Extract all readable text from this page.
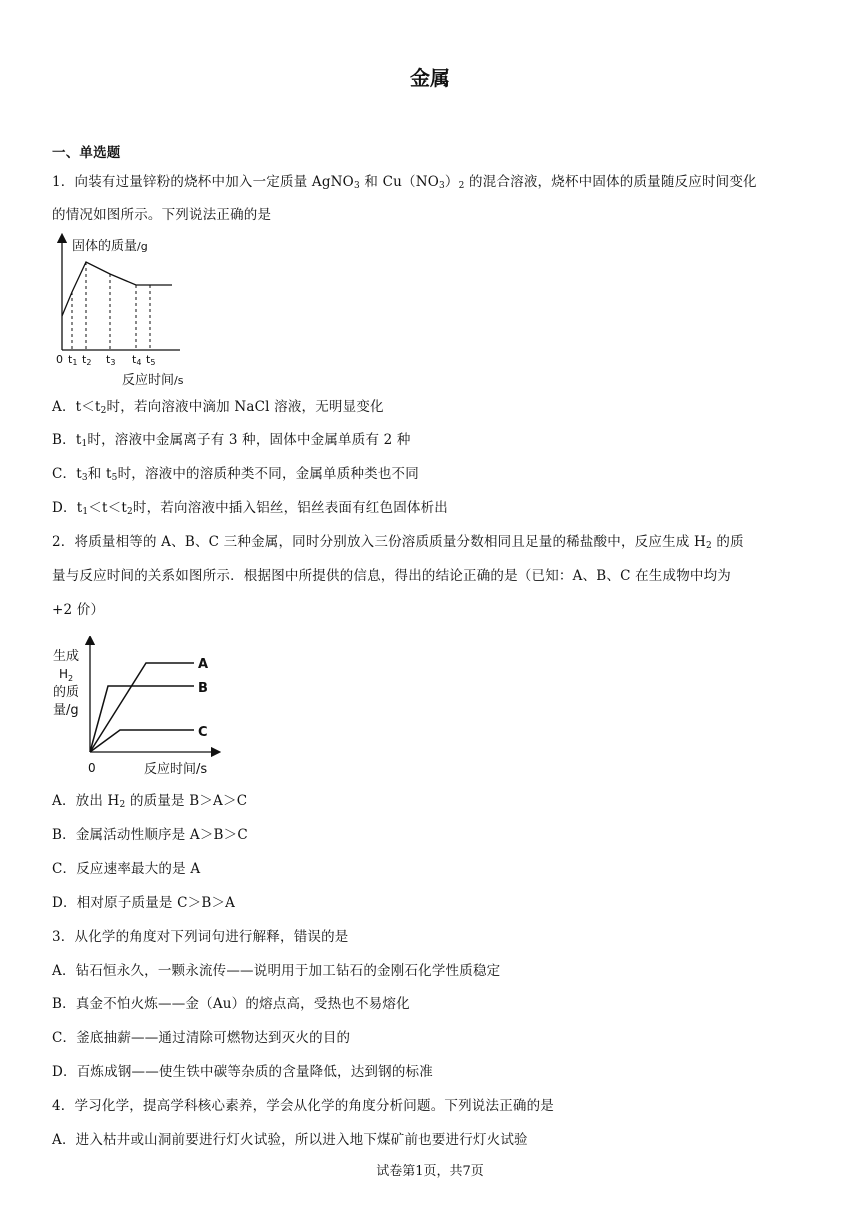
金属
一、单选题
1．向装有过量锌粉的烧杯中加入一定质量 AgNO$_3$ 和 $Cu(NO_3)_2$ 的混合溶液，烧杯中固体的质量随反应时间变化
的情况如图所示。下列说法正确的是
固体的质量/g
0 t1 t2 t3 t4 t5
反应时间/s
A．$t<t_2$时，若向溶液中滴加 NaCl 溶液，无明显变化
B．$t_1$时，溶液中金属离子有 3 种，固体中金属单质有 2 种
C．$t_3$和 $t_5$时，溶液中的溶质种类不同，金属单质种类也不同
D．$t_1<t<t_2$时，若向溶液中插入铝丝，铝丝表面有红色固体析出
2．将质量相等的 A、B、C 三种金属，同时分别放入三份溶质质量分数相同且足量的稀盐酸中，反应生成 $H_2$ 的质
量与反应时间的关系如图所示．根据图中所提供的信息，得出的结论正确的是（已知：A、B、C 在生成物中均为
+2 价）
生成
$H_2$
的质
量/g
A
B
C
0	反应时间/s
A．放出 $H_2$ 的质量是 B＞A＞C
B．金属活动性顺序是 A＞B＞C
C．反应速率最大的是 A
D．相对原子质量是 C＞B＞A
3．从化学的角度对下列词句进行解释，错误的是
A．钻石恒永久，一颗永流传——说明用于加工钻石的金刚石化学性质稳定
B．真金不怕火炼——金（Au）的熔点高，受热也不易熔化
C．釜底抽薪——通过清除可燃物达到灭火的目的
D．百炼成钢——使生铁中碳等杂质的含量降低，达到钢的标准
4．学习化学，提高学科核心素养，学会从化学的角度分析问题。下列说法正确的是
A．进入枯井或山洞前要进行灯火试验，所以进入地下煤矿前也要进行灯火试验
试卷第1页，共7页
